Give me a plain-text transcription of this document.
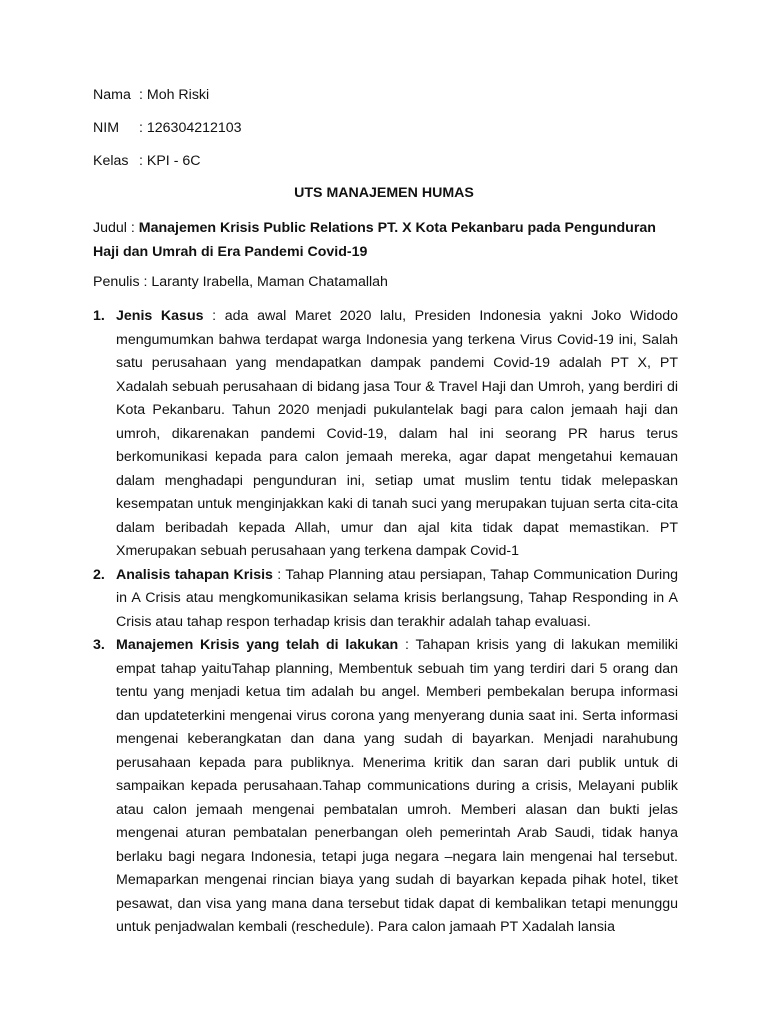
Nama : Moh Riski
NIM : 126304212103
Kelas : KPI - 6C
UTS MANAJEMEN HUMAS
Judul : Manajemen Krisis Public Relations PT. X Kota Pekanbaru pada Pengunduran Haji dan Umrah di Era Pandemi Covid-19
Penulis : Laranty Irabella, Maman Chatamallah
1. Jenis Kasus : ada awal Maret 2020 lalu, Presiden Indonesia yakni Joko Widodo mengumumkan bahwa terdapat warga Indonesia yang terkena Virus Covid-19 ini, Salah satu perusahaan yang mendapatkan dampak pandemi Covid-19 adalah PT X, PT Xadalah sebuah perusahaan di bidang jasa Tour & Travel Haji dan Umroh, yang berdiri di Kota Pekanbaru. Tahun 2020 menjadi pukulantelak bagi para calon jemaah haji dan umroh, dikarenakan pandemi Covid-19, dalam hal ini seorang PR harus terus berkomunikasi kepada para calon jemaah mereka, agar dapat mengetahui kemauan dalam menghadapi pengunduran ini, setiap umat muslim tentu tidak melepaskan kesempatan untuk menginjakkan kaki di tanah suci yang merupakan tujuan serta cita-cita dalam beribadah kepada Allah, umur dan ajal kita tidak dapat memastikan. PT Xmerupakan sebuah perusahaan yang terkena dampak Covid-1
2. Analisis tahapan Krisis : Tahap Planning atau persiapan, Tahap Communication During in A Crisis atau mengkomunikasikan selama krisis berlangsung, Tahap Responding in A Crisis atau tahap respon terhadap krisis dan terakhir adalah tahap evaluasi.
3. Manajemen Krisis yang telah di lakukan : Tahapan krisis yang di lakukan memiliki empat tahap yaituTahap planning, Membentuk sebuah tim yang terdiri dari 5 orang dan tentu yang menjadi ketua tim adalah bu angel. Memberi pembekalan berupa informasi dan updateterkini mengenai virus corona yang menyerang dunia saat ini. Serta informasi mengenai keberangkatan dan dana yang sudah di bayarkan. Menjadi narahubung perusahaan kepada para publiknya. Menerima kritik dan saran dari publik untuk di sampaikan kepada perusahaan.Tahap communications during a crisis, Melayani publik atau calon jemaah mengenai pembatalan umroh. Memberi alasan dan bukti jelas mengenai aturan pembatalan penerbangan oleh pemerintah Arab Saudi, tidak hanya berlaku bagi negara Indonesia, tetapi juga negara –negara lain mengenai hal tersebut. Memaparkan mengenai rincian biaya yang sudah di bayarkan kepada pihak hotel, tiket pesawat, dan visa yang mana dana tersebut tidak dapat di kembalikan tetapi menunggu untuk penjadwalan kembali (reschedule). Para calon jamaah PT Xadalah lansia
